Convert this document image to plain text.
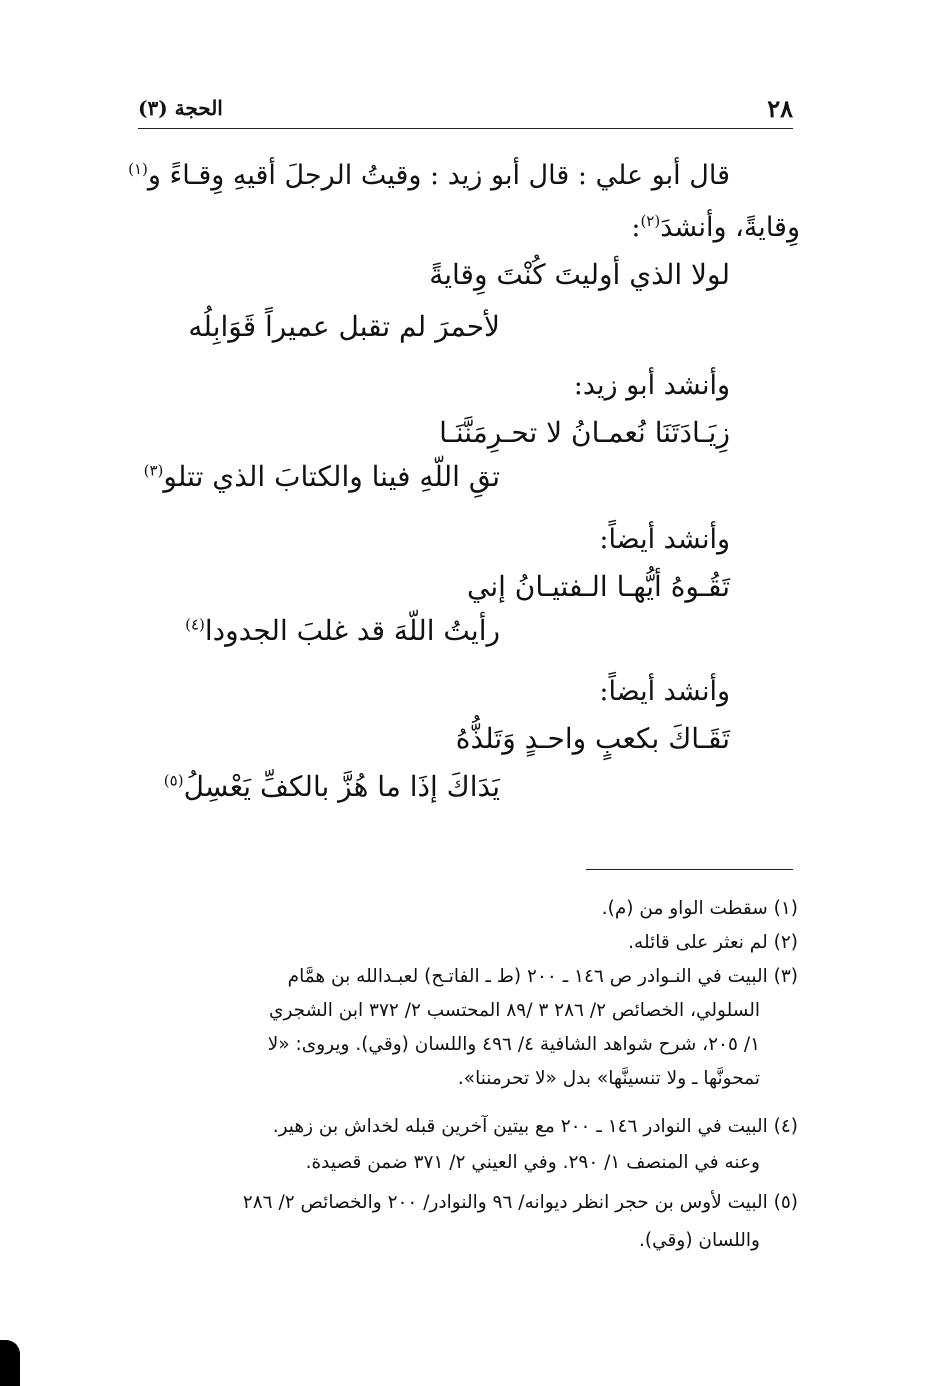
٢٨
الحجة (٣)
قال أبو علي : قال أبو زيد : وقيتُ الرجلَ أقيهِ وِقـاءً و$^{(١)}$
وِقايةً، وأنشدَ$^{(٢)}$:
لولا الذي أوليتَ كُنْتَ وِقايةً
لأحمرَ لم تقبل عميراً قَوَابِلُه
وأنشد أبو زيد:
زِيَـادَتَنَا نُعمـانُ لا تحـرِمَنَّنَـا
تقِ اللّهِ فينا والكتابَ الذي تتلو$^{(٣)}$
وأنشد أيضاً:
تَقُـوهُ أيُّهـا الـفتيـانُ إني
رأيتُ اللّهَ قد غلبَ الجدودا$^{(٤)}$
وأنشد أيضاً:
تَقَـاكَ بكعبٍ واحـدٍ وَتَلذُّهُ
يَدَاكَ إذَا ما هُزَّ بالكفِّ يَعْسِلُ$^{(٥)}$
(١) سقطت الواو من (م).
(٢) لم نعثر على قائله.
(٣) البيت في النـوادر ص ١٤٦ ـ ٢٠٠ (ط ـ الفاتـح) لعبـدالله بن همَّام
السلولي، الخصائص ٢/ ٢٨٦ ٣ /٨٩ المحتسب ٢/ ٣٧٢ ابن الشجري
١/ ٢٠٥، شرح شواهد الشافية ٤/ ٤٩٦ واللسان (وقي). ويروى: «لا
تمحونَّها ـ ولا تنسينَّها» بدل «لا تحرمننا».
(٤) البيت في النوادر ١٤٦ ـ ٢٠٠ مع بيتين آخرين قبله لخداش بن زهير.
وعنه في المنصف ١/ ٢٩٠. وفي العيني ٢/ ٣٧١ ضمن قصيدة.
(٥) البيت لأوس بن حجر انظر ديوانه/ ٩٦ والنوادر/ ٢٠٠ والخصائص ٢/ ٢٨٦
واللسان (وقي).
